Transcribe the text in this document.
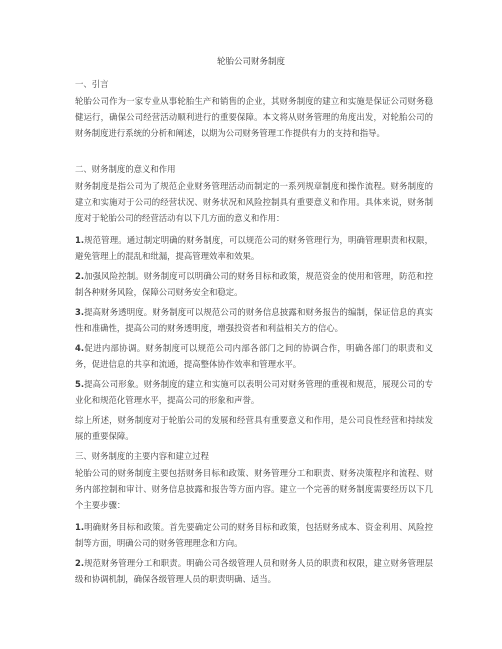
轮胎公司财务制度
一、引言
轮胎公司作为一家专业从事轮胎生产和销售的企业，其财务制度的建立和实施是保证公司财务稳健运行，确保公司经营活动顺利进行的重要保障。本文将从财务管理的角度出发，对轮胎公司的财务制度进行系统的分析和阐述，以期为公司财务管理工作提供有力的支持和指导。
二、财务制度的意义和作用
财务制度是指公司为了规范企业财务管理活动而制定的一系列规章制度和操作流程。财务制度的建立和实施对于公司的经营状况、财务状况和风险控制具有重要意义和作用。具体来说，财务制度对于轮胎公司的经营活动有以下几方面的意义和作用：
1.规范管理。通过制定明确的财务制度，可以规范公司的财务管理行为，明确管理职责和权限，避免管理上的混乱和纰漏，提高管理效率和效果。
2.加强风险控制。财务制度可以明确公司的财务目标和政策，规范资金的使用和管理，防范和控制各种财务风险，保障公司财务安全和稳定。
3.提高财务透明度。财务制度可以规范公司的财务信息披露和财务报告的编制，保证信息的真实性和准确性，提高公司的财务透明度，增强投资者和利益相关方的信心。
4.促进内部协调。财务制度可以规范公司内部各部门之间的协调合作，明确各部门的职责和义务，促进信息的共享和流通，提高整体协作效率和管理水平。
5.提高公司形象。财务制度的建立和实施可以表明公司对财务管理的重视和规范，展现公司的专业化和规范化管理水平，提高公司的形象和声誉。
综上所述，财务制度对于轮胎公司的发展和经营具有重要意义和作用，是公司良性经营和持续发展的重要保障。
三、财务制度的主要内容和建立过程
轮胎公司的财务制度主要包括财务目标和政策、财务管理分工和职责、财务决策程序和流程、财务内部控制和审计、财务信息披露和报告等方面内容。建立一个完善的财务制度需要经历以下几个主要步骤：
1.明确财务目标和政策。首先要确定公司的财务目标和政策，包括财务成本、资金利用、风险控制等方面，明确公司的财务管理理念和方向。
2.规范财务管理分工和职责。明确公司各级管理人员和财务人员的职责和权限，建立财务管理层级和协调机制，确保各级管理人员的职责明确、适当。
